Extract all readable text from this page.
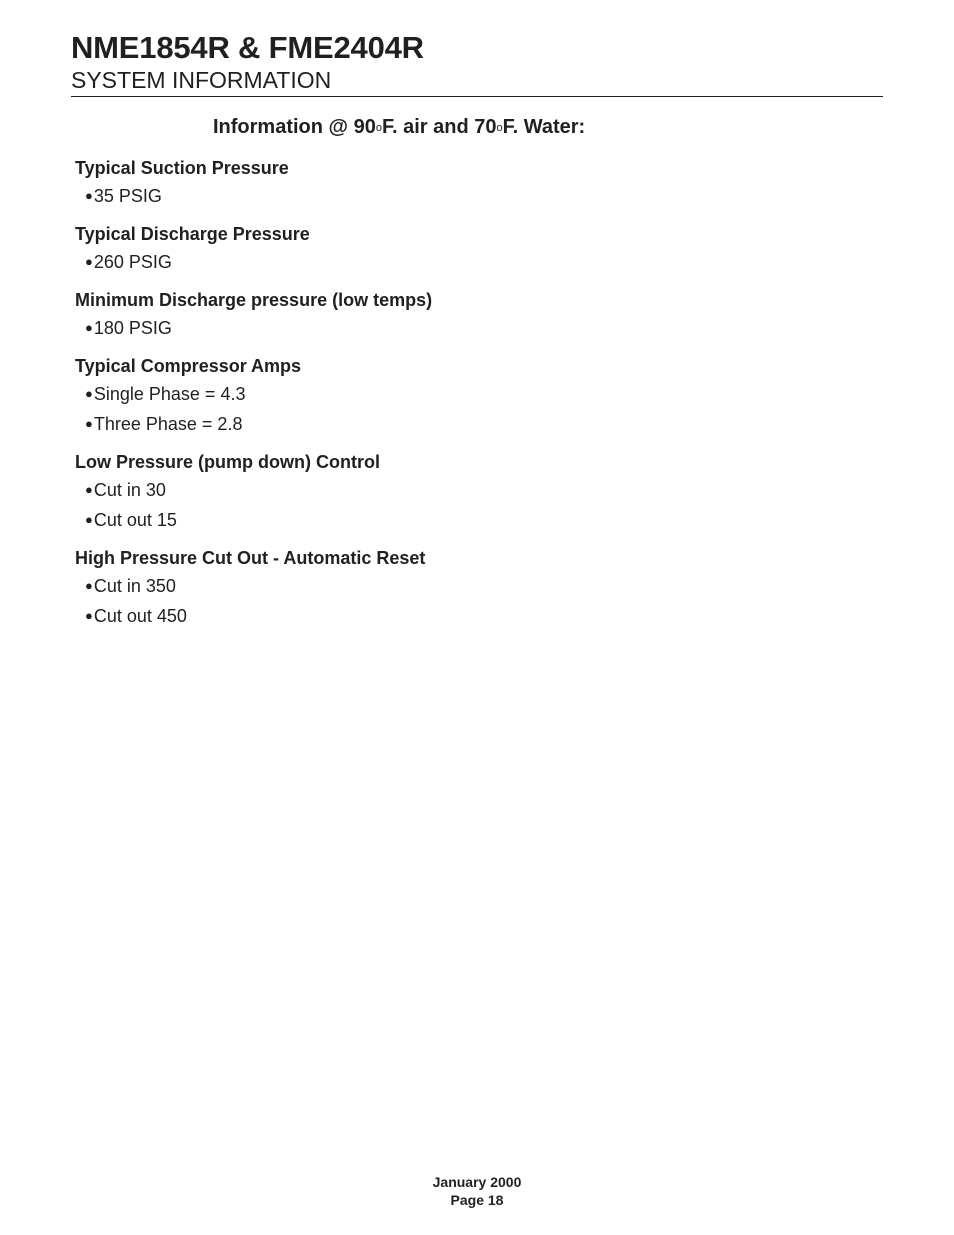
NME1854R & FME2404R
SYSTEM INFORMATION
Information @ 90$^o$F. air and 70$^o$F. Water:
Typical Suction Pressure
●35 PSIG
Typical Discharge Pressure
●260 PSIG
Minimum Discharge pressure (low temps)
●180 PSIG
Typical Compressor Amps
●Single Phase = 4.3
●Three Phase = 2.8
Low Pressure (pump down) Control
●Cut in 30
●Cut out 15
High Pressure Cut Out - Automatic Reset
●Cut in 350
●Cut out 450
January 2000
Page 18
